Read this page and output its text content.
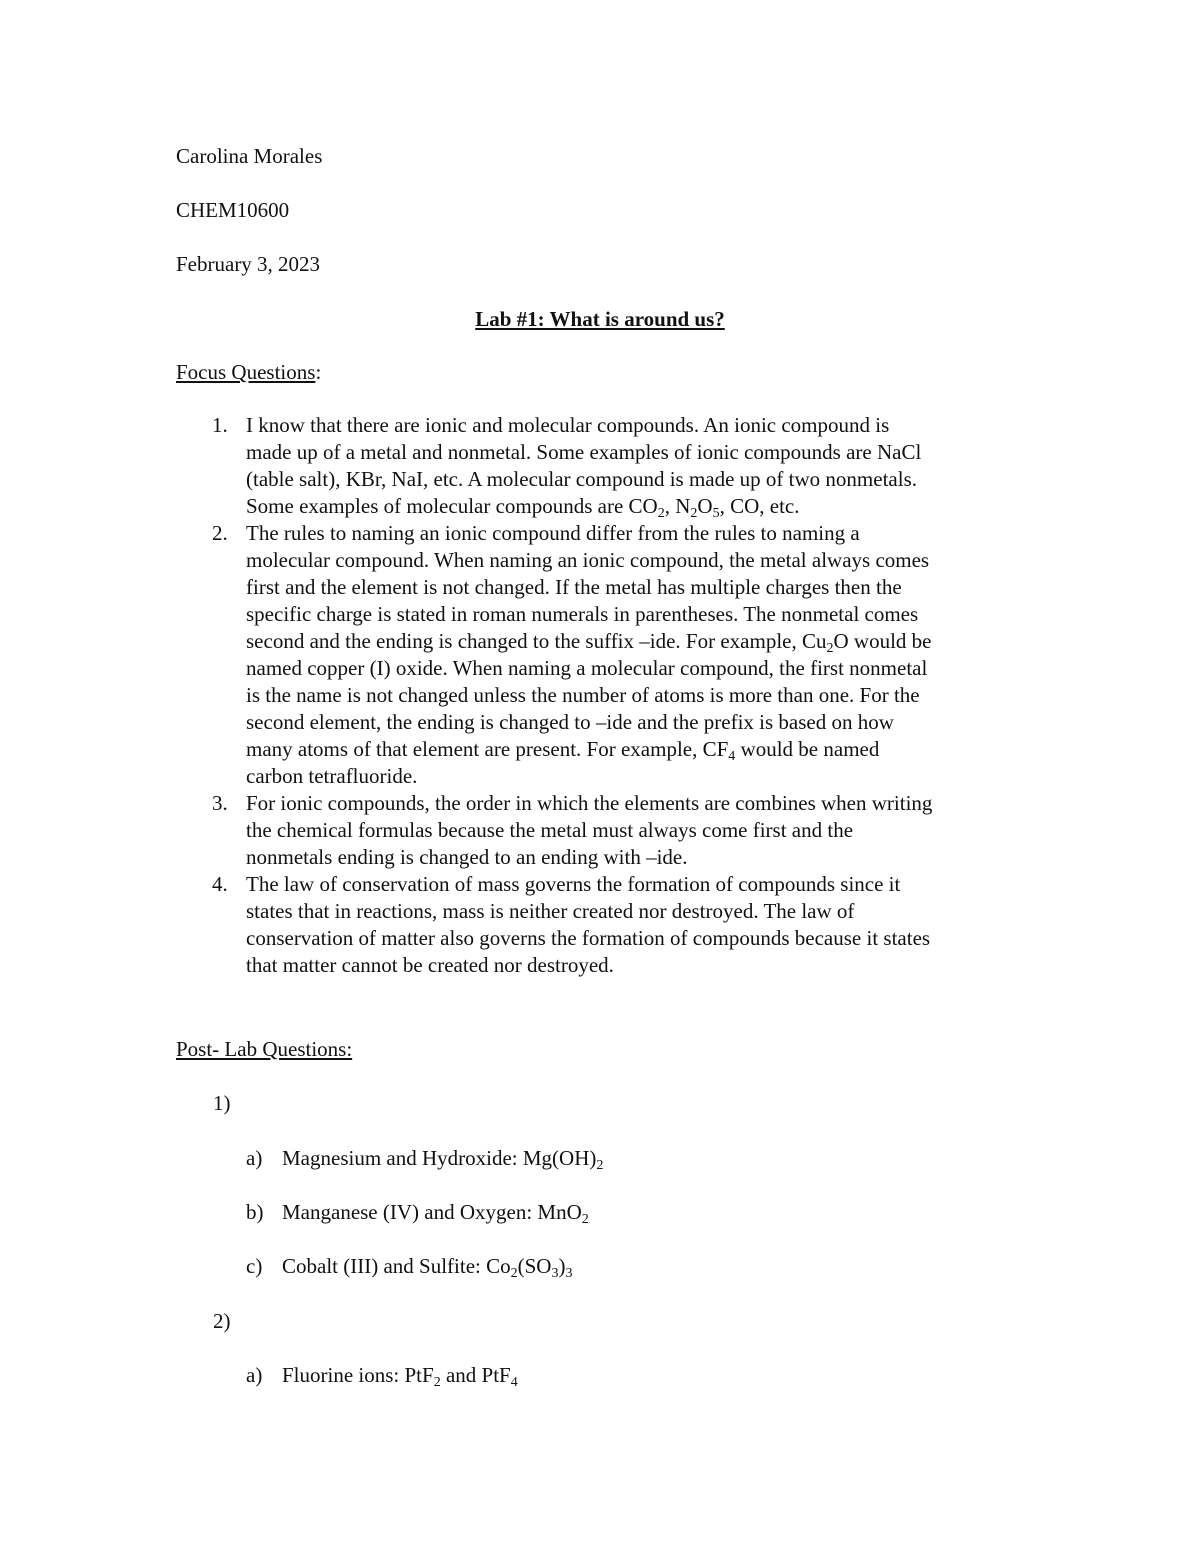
Carolina Morales

CHEM10600

February 3, 2023

Lab #1: What is around us?

Focus Questions:

1. I know that there are ionic and molecular compounds. An ionic compound is
made up of a metal and nonmetal. Some examples of ionic compounds are NaCl
(table salt), KBr, NaI, etc. A molecular compound is made up of two nonmetals.
Some examples of molecular compounds are $CO_2$, $N_2O_5$, CO, etc.
2. The rules to naming an ionic compound differ from the rules to naming a
molecular compound. When naming an ionic compound, the metal always comes
first and the element is not changed. If the metal has multiple charges then the
specific charge is stated in roman numerals in parentheses. The nonmetal comes
second and the ending is changed to the suffix –ide. For example, $Cu_2O$ would be
named copper (I) oxide. When naming a molecular compound, the first nonmetal
is the name is not changed unless the number of atoms is more than one. For the
second element, the ending is changed to –ide and the prefix is based on how
many atoms of that element are present. For example, $CF_4$ would be named
carbon tetrafluoride.
3. For ionic compounds, the order in which the elements are combines when writing
the chemical formulas because the metal must always come first and the
nonmetals ending is changed to an ending with –ide.
4. The law of conservation of mass governs the formation of compounds since it
states that in reactions, mass is neither created nor destroyed. The law of
conservation of matter also governs the formation of compounds because it states
that matter cannot be created nor destroyed.

Post- Lab Questions:

1)

a) Magnesium and Hydroxide: $Mg(OH)_2$

b) Manganese (IV) and Oxygen: MnO$_2$

c) Cobalt (III) and Sulfite: $Co_2(SO_3)_3$

2)

a) Fluorine ions: PtF$_2$ and PtF$_4$
